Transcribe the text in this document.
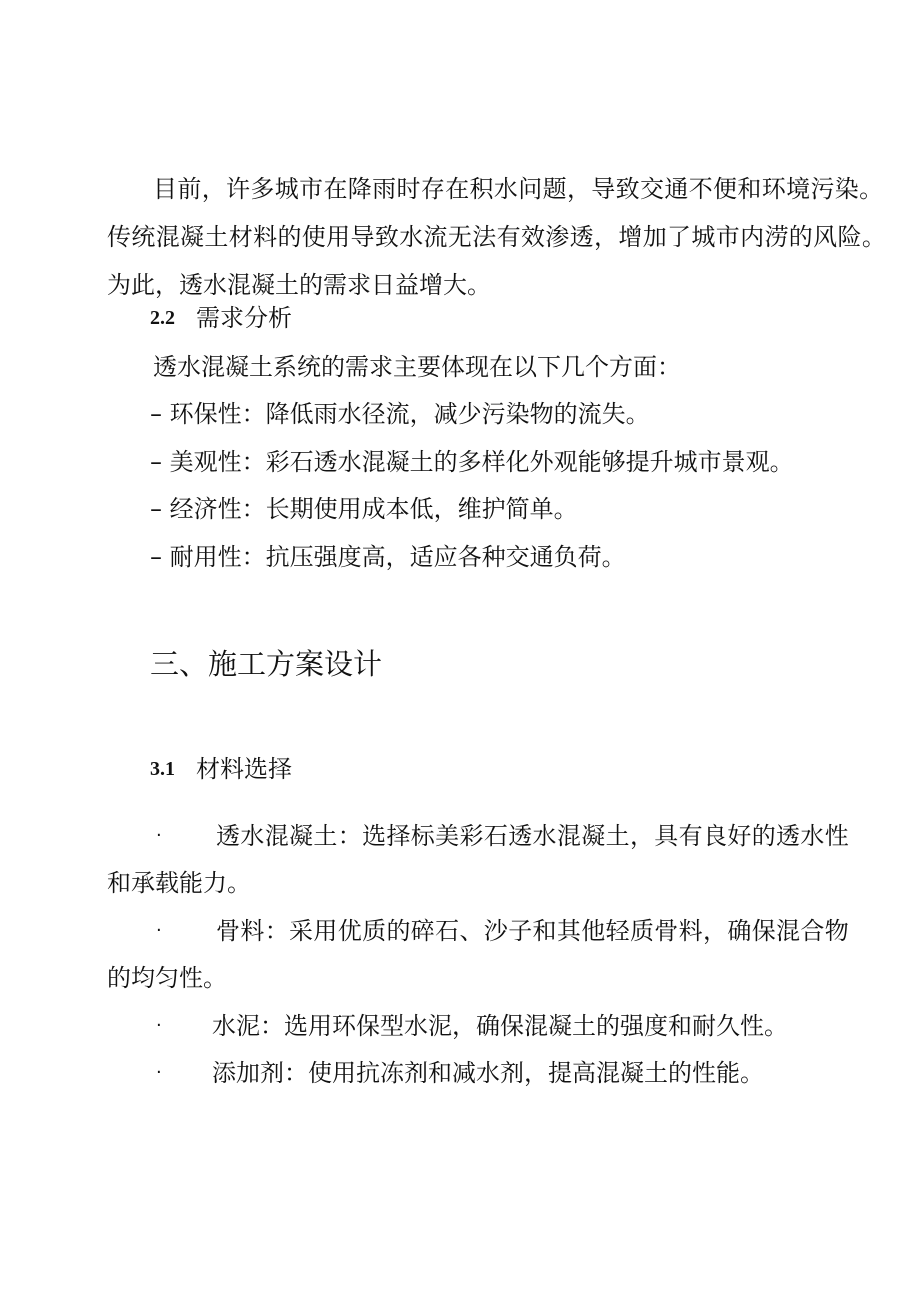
目前，许多城市在降雨时存在积水问题，导致交通不便和环境污染。
传统混凝土材料的使用导致水流无法有效渗透，增加了城市内涝的风险。
为此，透水混凝土的需求日益增大。
2.2 需求分析
透水混凝土系统的需求主要体现在以下几个方面：
– 环保性：降低雨水径流，减少污染物的流失。
– 美观性：彩石透水混凝土的多样化外观能够提升城市景观。
– 经济性：长期使用成本低，维护简单。
– 耐用性：抗压强度高，适应各种交通负荷。
三、施工方案设计
3.1 材料选择
· 透水混凝土：选择标美彩石透水混凝土，具有良好的透水性
和承载能力。
· 骨料：采用优质的碎石、沙子和其他轻质骨料，确保混合物
的均匀性。
· 水泥：选用环保型水泥，确保混凝土的强度和耐久性。
· 添加剂：使用抗冻剂和减水剂，提高混凝土的性能。
